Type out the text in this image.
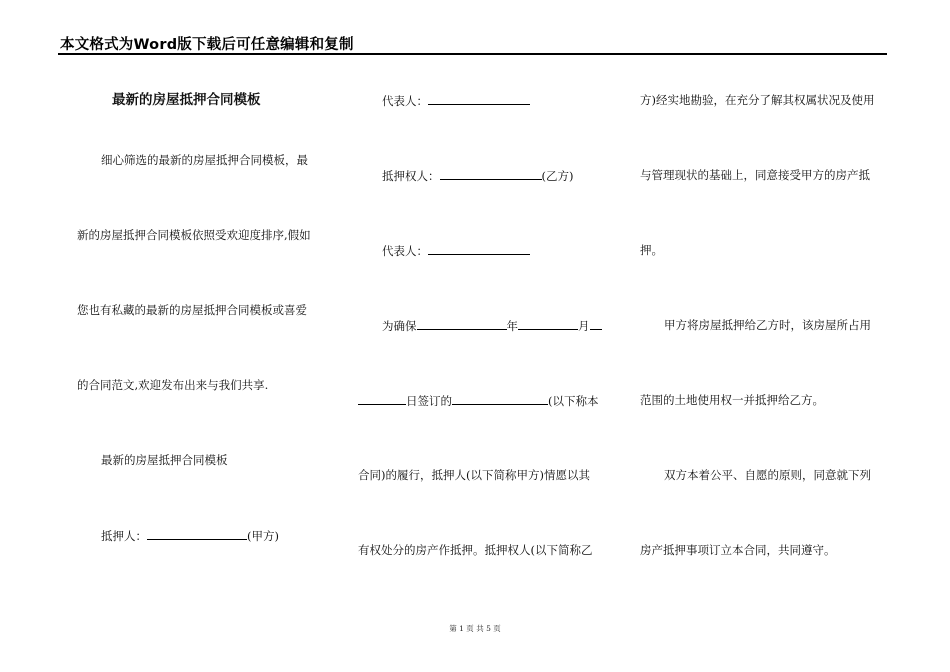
本文格式为Word版下载后可任意编辑和复制
最新的房屋抵押合同模板
细心筛选的最新的房屋抵押合同模板，最
新的房屋抵押合同模板依照受欢迎度排序,假如
您也有私藏的最新的房屋抵押合同模板或喜爱
的合同范文,欢迎发布出来与我们共享.
最新的房屋抵押合同模板
抵押人：	(甲方)
代表人：
抵押权人：	(乙方)
代表人：
为确保	年	月
日签订的	(以下称本
合同)的履行，抵押人(以下简称甲方)情愿以其
有权处分的房产作抵押。抵押权人(以下简称乙
方)经实地勘验，在充分了解其权属状况及使用
与管理现状的基础上，同意接受甲方的房产抵
押。
甲方将房屋抵押给乙方时，该房屋所占用
范围的土地使用权一并抵押给乙方。
双方本着公平、自愿的原则，同意就下列
房产抵押事项订立本合同，共同遵守。
第 1 页 共 5 页
